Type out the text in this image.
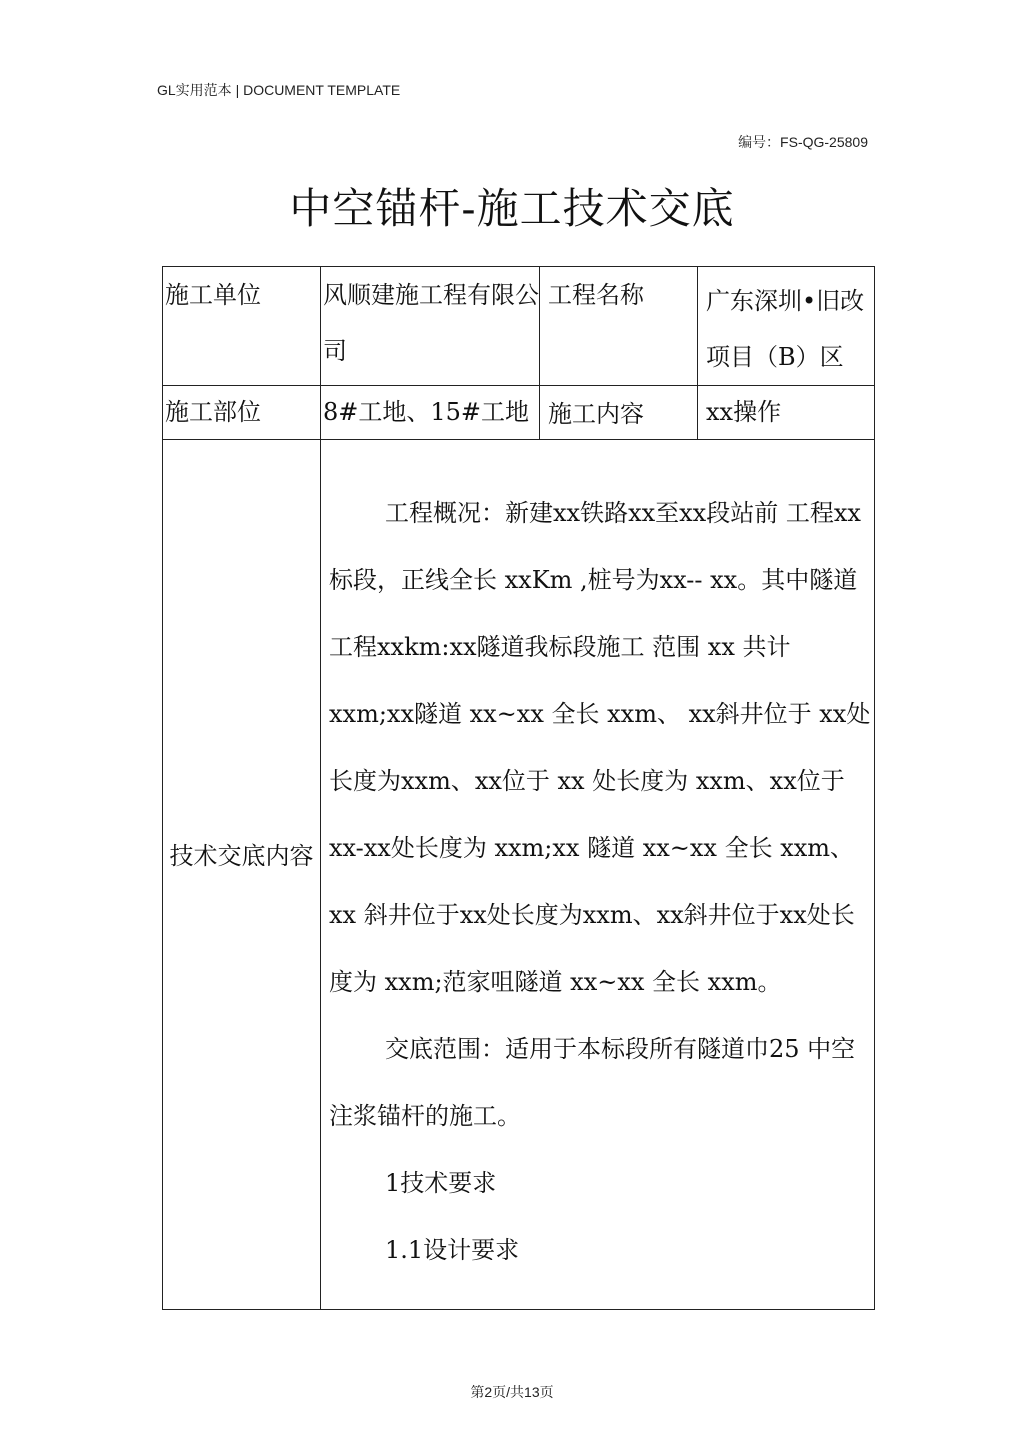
GL实用范本 | DOCUMENT TEMPLATE
编号：FS-QG-25809
中空锚杆-施工技术交底
施工单位	风顺建施工程有限公司	工程名称	广东深圳•旧改项目（B）区

施工部位	8#工地、15#工地	施工内容	xx操作

技术交底内容	工程概况：新建xx铁路xx至xx段站前 工程xx标段，正线全长 xxKm ,桩号为xx-- xx。其中隧道工程xxkm:xx隧道我标段施工 范围 xx 共计 xxm;xx隧道 xx~xx 全长 xxm、 xx斜井位于 xx处长度为xxm、xx位于 xx 处长度为 xxm、xx位于xx-xx处长度为 xxm;xx 隧道 xx~xx 全长 xxm、xx 斜井位于xx处长度为xxm、xx斜井位于xx处长度为 xxm;范家咀隧道 xx~xx 全长 xxm。

交底范围：适用于本标段所有隧道巾25 中空注浆锚杆的施工。

1技术要求

1.1设计要求		

第2页/共13页
